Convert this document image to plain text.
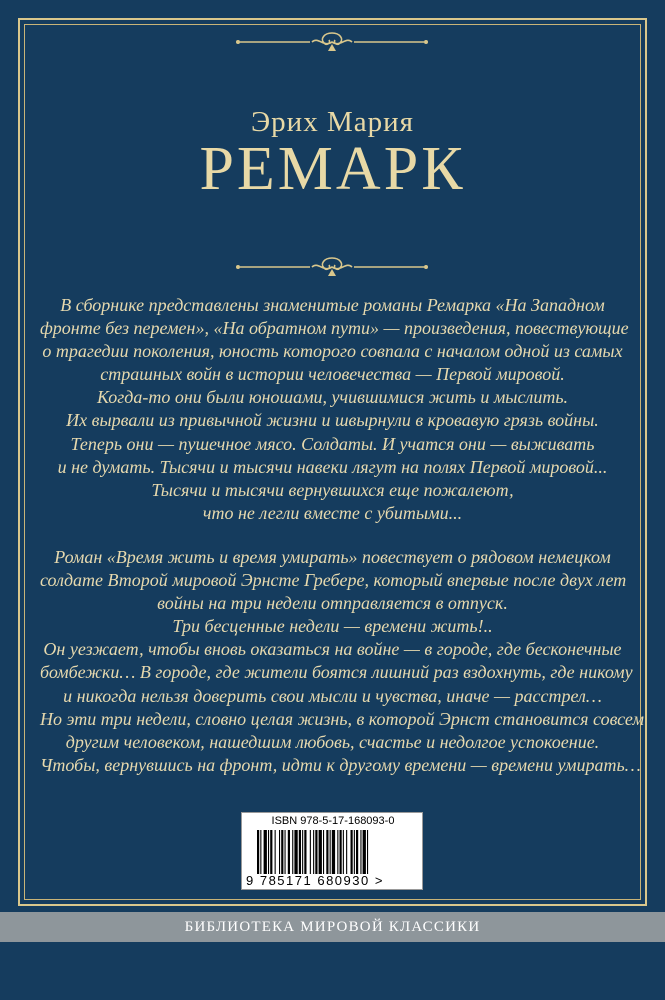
Эрих Мария
РЕМАРК
В сборнике представлены знаменитые романы Ремарка «На Западном
фронте без перемен», «На обратном пути» — произведения, повествующие
о трагедии поколения, юность которого совпала с началом одной из самых
страшных войн в истории человечества — Первой мировой.
Когда-то они были юношами, учившимися жить и мыслить.
Их вырвали из привычной жизни и швырнули в кровавую грязь войны.
Теперь они — пушечное мясо. Солдаты. И учатся они — выживать
и не думать. Тысячи и тысячи навеки лягут на полях Первой мировой...
Тысячи и тысячи вернувшихся еще пожалеют,
что не легли вместе с убитыми...
Роман «Время жить и время умирать» повествует о рядовом немецком
солдате Второй мировой Эрнсте Гребере, который впервые после двух лет
войны на три недели отправляется в отпуск.
Три бесценные недели — времени жить!..
Он уезжает, чтобы вновь оказаться на войне — в городе, где бесконечные
бомбежки… В городе, где жители боятся лишний раз вздохнуть, где никому
и никогда нельзя доверить свои мысли и чувства, иначе — расстрел…
Но эти три недели, словно целая жизнь, в которой Эрнст становится совсем
другим человеком, нашедшим любовь, счастье и недолгое успокоение.
Чтобы, вернувшись на фронт, идти к другому времени — времени умирать…
ISBN 978-5-17-168093-0
9 785171 680930 >
БИБЛИОТЕКА МИРОВОЙ КЛАССИКИ
